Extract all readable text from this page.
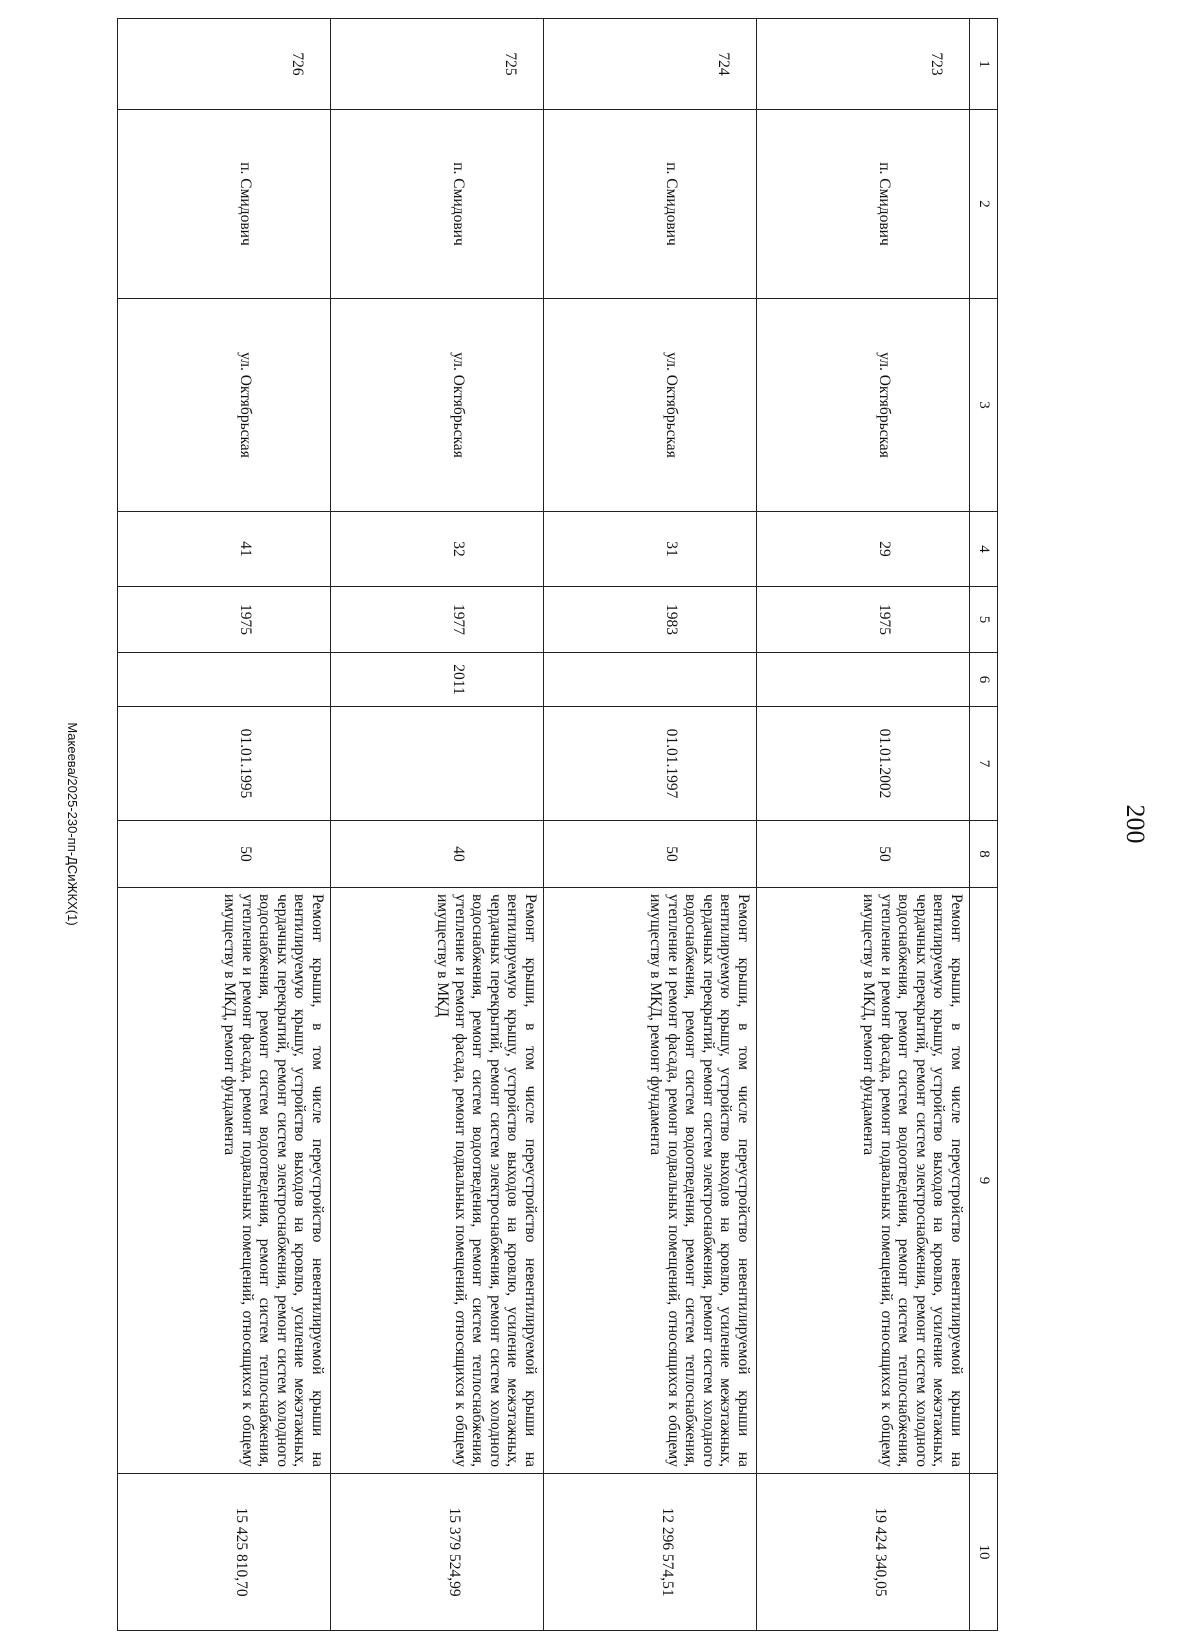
200
1	2	3	4	5	6	7	8	9	10
723	п. Смидович	ул. Октябрьская	29	1975		01.01.2002	50	Ремонт крыши, в том числе переустройство невентилируемой крыши на вентилируемую крышу, устройство выходов на кровлю, усиление межэтажных, чердачных перекрытий, ремонт систем электроснабжения, ремонт систем холодного водоснабжения, ремонт систем водоотведения, ремонт систем теплоснабжения, утепление и ремонт фасада, ремонт подвальных помещений, относящихся к общему имуществу в МКД, ремонт фундамента	19 424 340,05
724	п. Смидович	ул. Октябрьская	31	1983		01.01.1997	50	Ремонт крыши, в том числе переустройство невентилируемой крыши на вентилируемую крышу, устройство выходов на кровлю, усиление межэтажных, чердачных перекрытий, ремонт систем электроснабжения, ремонт систем холодного водоснабжения, ремонт систем водоотведения, ремонт систем теплоснабжения, утепление и ремонт фасада, ремонт подвальных помещений, относящихся к общему имуществу в МКД, ремонт фундамента	12 296 574,51
725	п. Смидович	ул. Октябрьская	32	1977	2011		40	Ремонт крыши, в том числе переустройство невентилируемой крыши на вентилируемую крышу, устройство выходов на кровлю, усиление межэтажных, чердачных перекрытий, ремонт систем электроснабжения, ремонт систем холодного водоснабжения, ремонт систем водоотведения, ремонт систем теплоснабжения, утепление и ремонт фасада, ремонт подвальных помещений, относящихся к общему имуществу в МКД	15 379 524,99
726	п. Смидович	ул. Октябрьская	41	1975		01.01.1995	50	Ремонт крыши, в том числе переустройство невентилируемой крыши на вентилируемую крышу, устройство выходов на кровлю, усиление межэтажных, чердачных перекрытий, ремонт систем электроснабжения, ремонт систем холодного водоснабжения, ремонт систем водоотведения, ремонт систем теплоснабжения, утепление и ремонт фасада, ремонт подвальных помещений, относящихся к общему имуществу в МКД, ремонт фундамента	15 425 810,70
Макеева/2025-230-пп-ДСиЖКХ(1)
